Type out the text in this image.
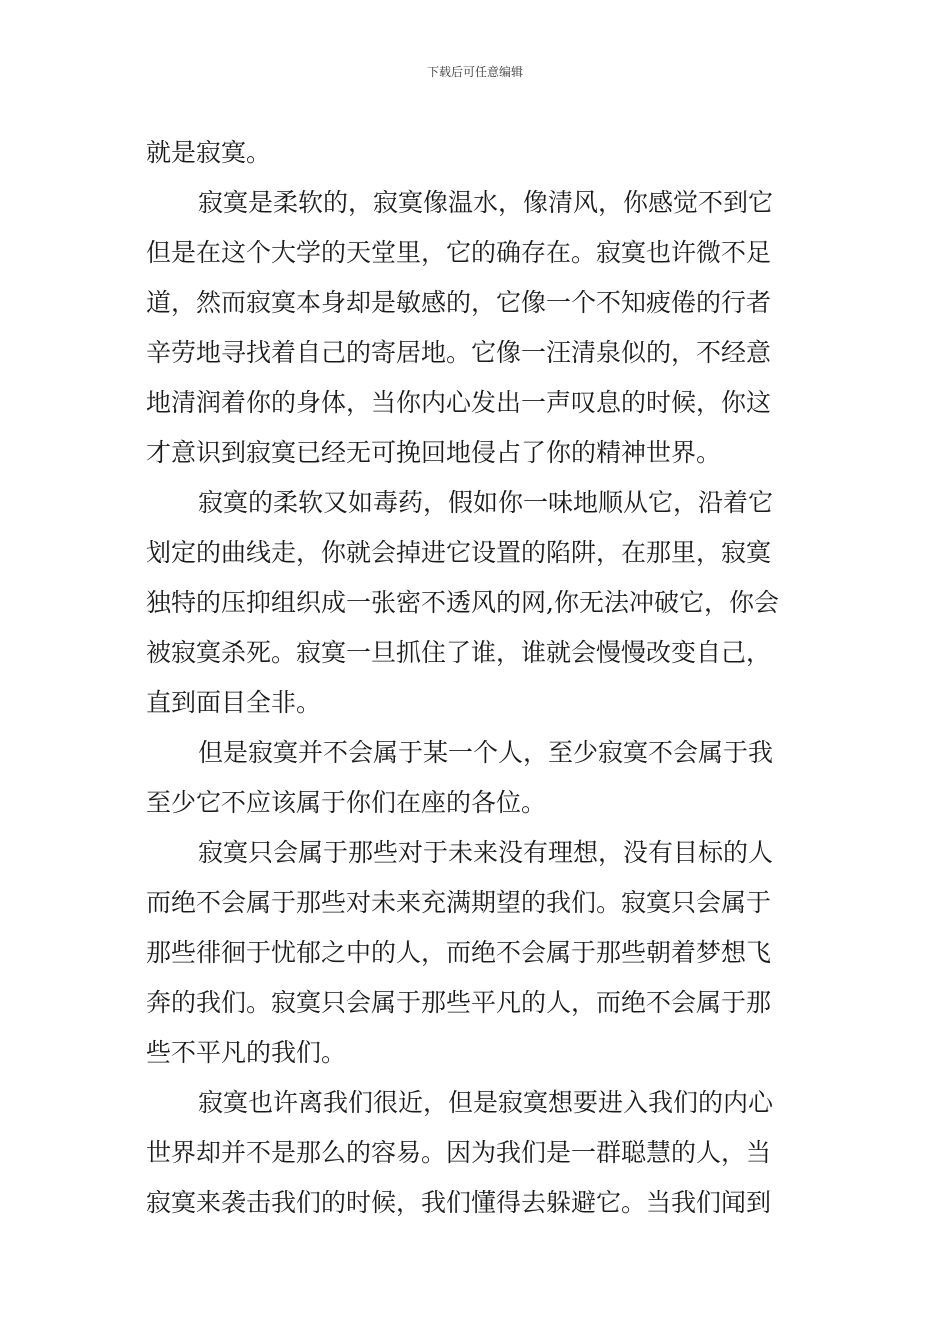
下载后可任意编辑
就是寂寞。
寂寞是柔软的，寂寞像温水，像清风，你感觉不到它
但是在这个大学的天堂里，它的确存在。寂寞也许微不足
道，然而寂寞本身却是敏感的，它像一个不知疲倦的行者
辛劳地寻找着自己的寄居地。它像一汪清泉似的，不经意
地清润着你的身体，当你内心发出一声叹息的时候，你这
才意识到寂寞已经无可挽回地侵占了你的精神世界。
寂寞的柔软又如毒药，假如你一味地顺从它，沿着它
划定的曲线走，你就会掉进它设置的陷阱，在那里，寂寞
独特的压抑组织成一张密不透风的网,你无法冲破它，你会
被寂寞杀死。寂寞一旦抓住了谁，谁就会慢慢改变自己，
直到面目全非。
但是寂寞并不会属于某一个人，至少寂寞不会属于我
至少它不应该属于你们在座的各位。
寂寞只会属于那些对于未来没有理想，没有目标的人
而绝不会属于那些对未来充满期望的我们。寂寞只会属于
那些徘徊于忧郁之中的人，而绝不会属于那些朝着梦想飞
奔的我们。寂寞只会属于那些平凡的人，而绝不会属于那
些不平凡的我们。
寂寞也许离我们很近，但是寂寞想要进入我们的内心
世界却并不是那么的容易。因为我们是一群聪慧的人，当
寂寞来袭击我们的时候，我们懂得去躲避它。当我们闻到
